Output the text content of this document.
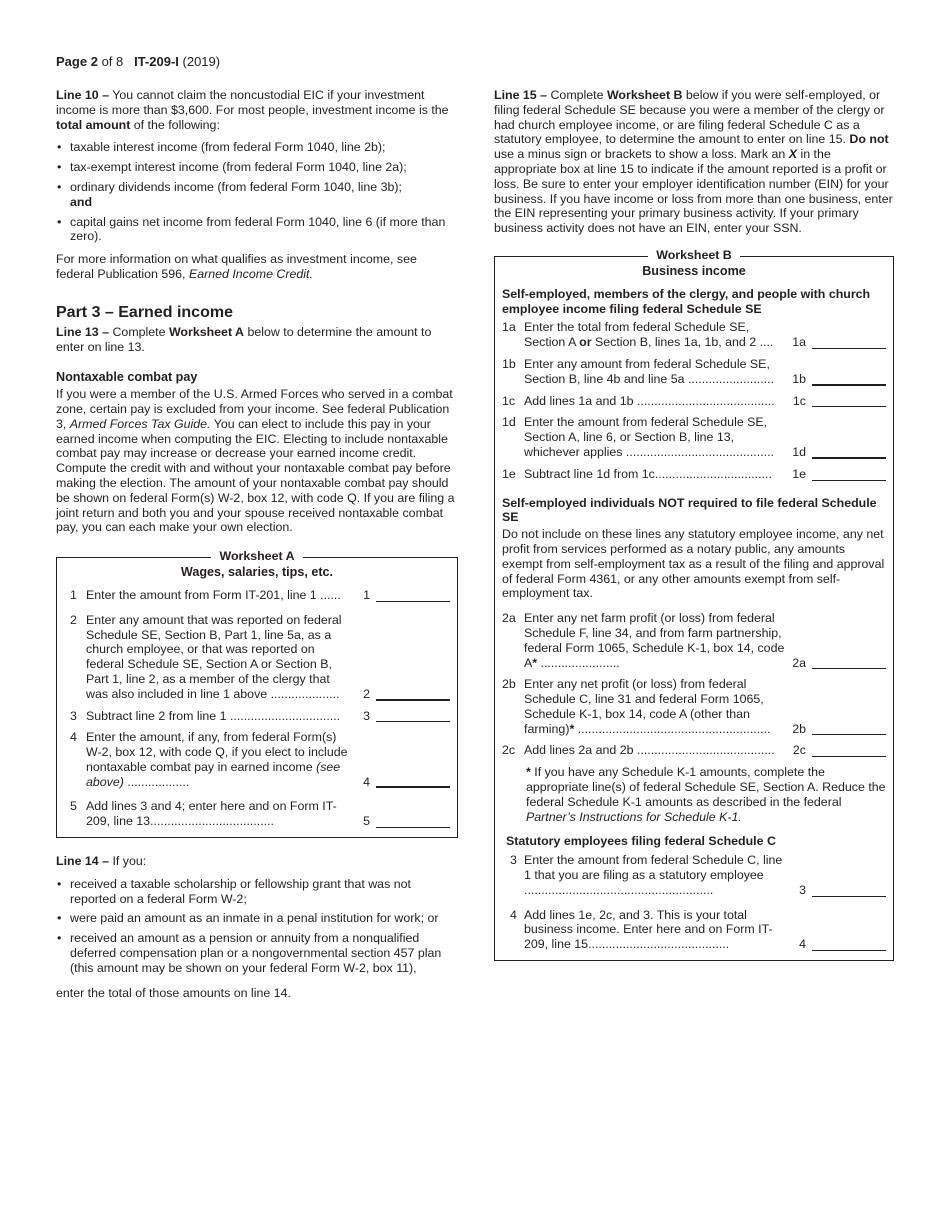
Page 2 of 8 IT-209-I (2019)

Line 10 – You cannot claim the noncustodial EIC if your investment income is more than $3,600. For most people, investment income is the total amount of the following:

• taxable interest income (from federal Form 1040, line 2b);
• tax-exempt interest income (from federal Form 1040, line 2a);
• ordinary dividends income (from federal Form 1040, line 3b);
and
• capital gains net income from federal Form 1040, line 6 (if more than zero).

For more information on what qualifies as investment income, see federal Publication 596, Earned Income Credit.

Part 3 – Earned income

Line 13 – Complete Worksheet A below to determine the amount to enter on line 13.

Nontaxable combat pay

If you were a member of the U.S. Armed Forces who served in a combat zone, certain pay is excluded from your income. See federal Publication 3, Armed Forces Tax Guide. You can elect to include this pay in your earned income when computing the EIC. Electing to include nontaxable combat pay may increase or decrease your earned income credit. Compute the credit with and without your nontaxable combat pay before making the election. The amount of your nontaxable combat pay should be shown on federal Form(s) W-2, box 12, with code Q. If you are filing a joint return and both you and your spouse received nontaxable combat pay, you can each make your own election.

Worksheet A
Wages, salaries, tips, etc.
1 Enter the amount from Form IT-201, line 1 ......	1
2 Enter any amount that was reported on federal Schedule SE, Section B, Part 1, line 5a, as a church employee, or that was reported on federal Schedule SE, Section A or Section B, Part 1, line 2, as a member of the clergy that was also included in line 1 above ....................	2
3 Subtract line 2 from line 1 ................................	3
4 Enter the amount, if any, from federal Form(s) W-2, box 12, with code Q, if you elect to include nontaxable combat pay in earned income (see above) ..................	4
5 Add lines 3 and 4; enter here and on Form IT-209, line 13....................................	5

Line 14 – If you:

• received a taxable scholarship or fellowship grant that was not reported on a federal Form W-2;
• were paid an amount as an inmate in a penal institution for work; or
• received an amount as a pension or annuity from a nonqualified deferred compensation plan or a nongovernmental section 457 plan (this amount may be shown on your federal Form W-2, box 11),

enter the total of those amounts on line 14.

Line 15 – Complete Worksheet B below if you were self-employed, or filing federal Schedule SE because you were a member of the clergy or had church employee income, or are filing federal Schedule C as a statutory employee, to determine the amount to enter on line 15. Do not use a minus sign or brackets to show a loss. Mark an X in the appropriate box at line 15 to indicate if the amount reported is a profit or loss. Be sure to enter your employer identification number (EIN) for your business. If you have income or loss from more than one business, enter the EIN representing your primary business activity. If your primary business activity does not have an EIN, enter your SSN.

Worksheet B
Business income
Self-employed, members of the clergy, and people with church employee income filing federal Schedule SE
1a Enter the total from federal Schedule SE, Section A or Section B, lines 1a, 1b, and 2 ....	1a
1b Enter any amount from federal Schedule SE, Section B, line 4b and line 5a .........................	1b
1c Add lines 1a and 1b ........................................	1c
1d Enter the amount from federal Schedule SE, Section A, line 6, or Section B, line 13, whichever applies ...........................................	1d
1e Subtract line 1d from 1c..................................	1e
Self-employed individuals NOT required to file federal Schedule SE

Do not include on these lines any statutory employee income, any net profit from services performed as a notary public, any amounts exempt from self-employment tax as a result of the filing and approval of federal Form 4361, or any other amounts exempt from self-employment tax.

2a Enter any net farm profit (or loss) from federal Schedule F, line 34, and from farm partnership, federal Form 1065, Schedule K-1, box 14, code A* .......................	2a
2b Enter any net profit (or loss) from federal Schedule C, line 31 and federal Form 1065, Schedule K-1, box 14, code A (other than farming)* ........................................................	2b
2c Add lines 2a and 2b ........................................	2c

* If you have any Schedule K-1 amounts, complete the appropriate line(s) of federal Schedule SE, Section A. Reduce the federal Schedule K-1 amounts as described in the federal Partner’s Instructions for Schedule K-1.

Statutory employees filing federal Schedule C
3 Enter the amount from federal Schedule C, line 1 that you are filing as a statutory employee .......................................................	3
4 Add lines 1e, 2c, and 3. This is your total business income. Enter here and on Form IT-209, line 15.........................................	4
